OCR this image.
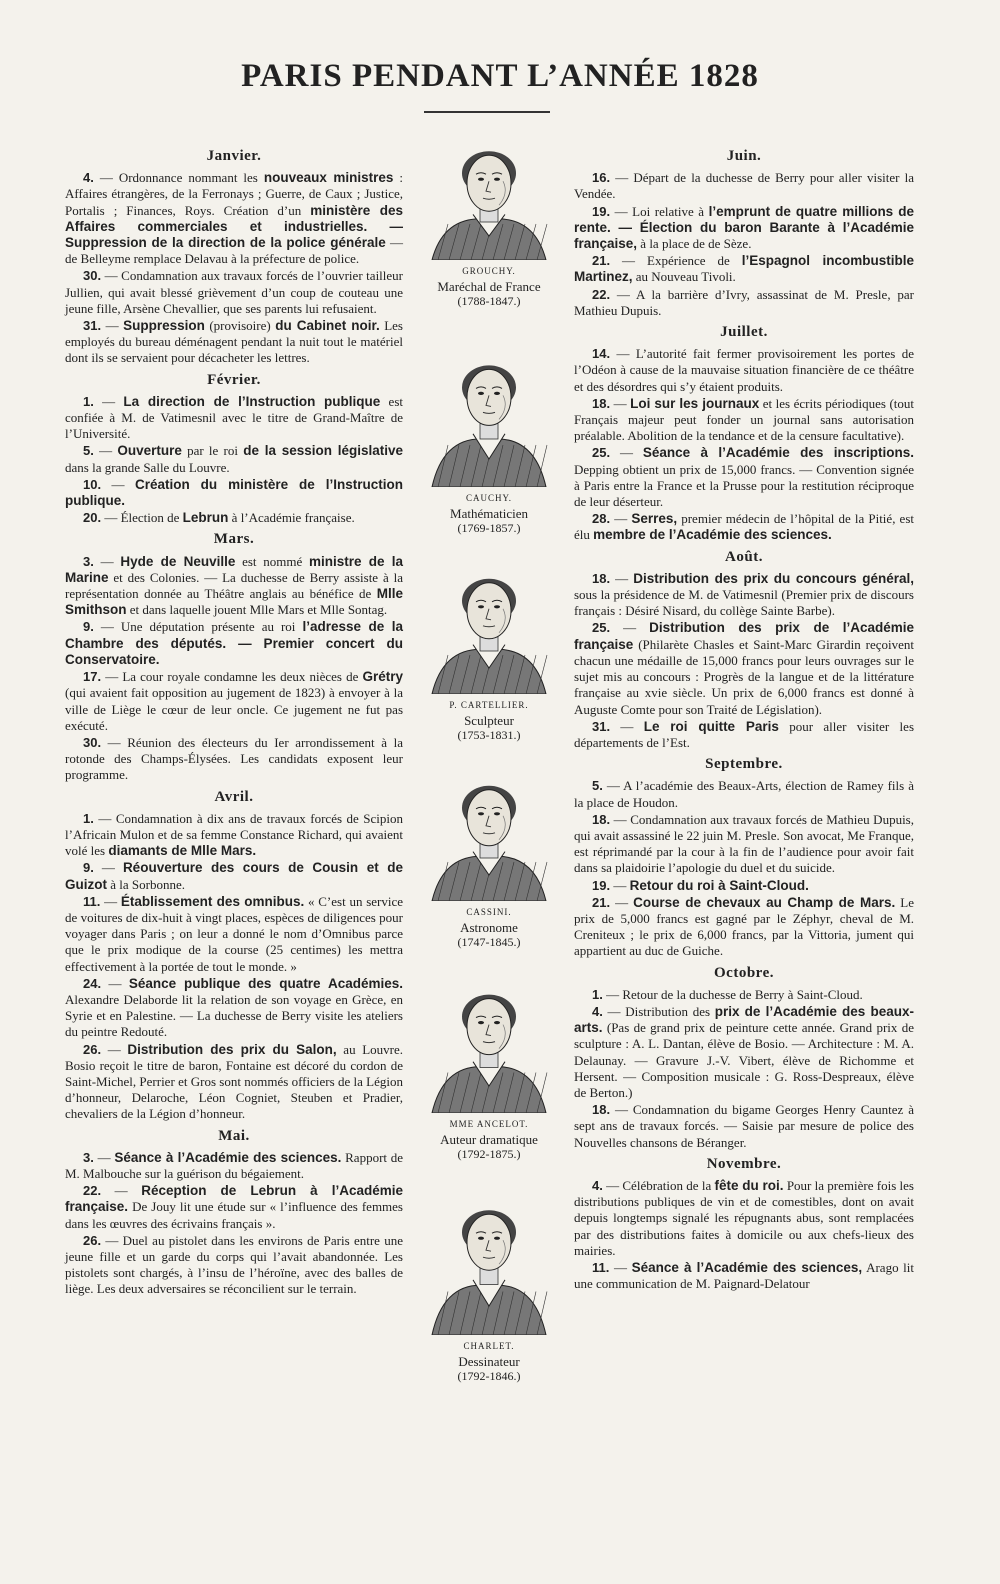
PARIS PENDANT L’ANNÉE 1828
Janvier.

4. — Ordonnance nommant les nouveaux ministres : Affaires étrangères, de la Ferronays ; Guerre, de Caux ; Justice, Portalis ; Finances, Roys. Création d’un ministère des Affaires commerciales et industrielles. — Suppression de la direction de la police générale — de Belleyme remplace Delavau à la préfecture de police.

30. — Condamnation aux travaux forcés de l’ouvrier tailleur Jullien, qui avait blessé grièvement d’un coup de couteau une jeune fille, Arsène Chevallier, que ses parents lui refusaient.

31. — Suppression (provisoire) du Cabinet noir. Les employés du bureau déménagent pendant la nuit tout le matériel dont ils se servaient pour décacheter les lettres.

Février.

1. — La direction de l’Instruction publique est confiée à M. de Vatimesnil avec le titre de Grand-Maître de l’Université.

5. — Ouverture par le roi de la session législative dans la grande Salle du Louvre.

10. — Création du ministère de l’Instruction publique.

20. — Élection de Lebrun à l’Académie française.

Mars.

3. — Hyde de Neuville est nommé ministre de la Marine et des Colonies. — La duchesse de Berry assiste à la représentation donnée au Théâtre anglais au bénéfice de Mlle Smithson et dans laquelle jouent Mlle Mars et Mlle Sontag.

9. — Une députation présente au roi l’adresse de la Chambre des députés. — Premier concert du Conservatoire.

17. — La cour royale condamne les deux nièces de Grétry (qui avaient fait opposition au jugement de 1823) à envoyer à la ville de Liège le cœur de leur oncle. Ce jugement ne fut pas exécuté.

30. — Réunion des électeurs du Ier arrondissement à la rotonde des Champs-Élysées. Les candidats exposent leur programme.

Avril.

1. — Condamnation à dix ans de travaux forcés de Scipion l’Africain Mulon et de sa femme Constance Richard, qui avaient volé les diamants de Mlle Mars.

9. — Réouverture des cours de Cousin et de Guizot à la Sorbonne.

11. — Établissement des omnibus. « C’est un service de voitures de dix-huit à vingt places, espèces de diligences pour voyager dans Paris ; on leur a donné le nom d’Omnibus parce que le prix modique de la course (25 centimes) les mettra effectivement à la portée de tout le monde. »

24. — Séance publique des quatre Académies. Alexandre Delaborde lit la relation de son voyage en Grèce, en Syrie et en Palestine. — La duchesse de Berry visite les ateliers du peintre Redouté.

26. — Distribution des prix du Salon, au Louvre. Bosio reçoit le titre de baron, Fontaine est décoré du cordon de Saint-Michel, Perrier et Gros sont nommés officiers de la Légion d’honneur, Delaroche, Léon Cogniet, Steuben et Pradier, chevaliers de la Légion d’honneur.

Mai.

3. — Séance à l’Académie des sciences. Rapport de M. Malbouche sur la guérison du bégaiement.

22. — Réception de Lebrun à l’Académie française. De Jouy lit une étude sur « l’influence des femmes dans les œuvres des écrivains français ».

26. — Duel au pistolet dans les environs de Paris entre une jeune fille et un garde du corps qui l’avait abandonnée. Les pistolets sont chargés, à l’insu de l’héroïne, avec des balles de liège. Les deux adversaires se réconcilient sur le terrain.

GROUCHY.
Maréchal de France
(1788-1847.)
CAUCHY.
Mathématicien
(1769-1857.)
P. CARTELLIER.
Sculpteur
(1753-1831.)
CASSINI.
Astronome
(1747-1845.)
MME ANCELOT.
Auteur dramatique
(1792-1875.)
CHARLET.
Dessinateur
(1792-1846.)
Juin.

16. — Départ de la duchesse de Berry pour aller visiter la Vendée.

19. — Loi relative à l’emprunt de quatre millions de rente. — Élection du baron Barante à l’Académie française, à la place de de Sèze.

21. — Expérience de l’Espagnol incombustible Martinez, au Nouveau Tivoli.

22. — A la barrière d’Ivry, assassinat de M. Presle, par Mathieu Dupuis.

Juillet.

14. — L’autorité fait fermer provisoirement les portes de l’Odéon à cause de la mauvaise situation financière de ce théâtre et des désordres qui s’y étaient produits.

18. — Loi sur les journaux et les écrits périodiques (tout Français majeur peut fonder un journal sans autorisation préalable. Abolition de la tendance et de la censure facultative).

25. — Séance à l’Académie des inscriptions. Depping obtient un prix de 15,000 francs. — Convention signée à Paris entre la France et la Prusse pour la restitution réciproque de leur déserteur.

28. — Serres, premier médecin de l’hôpital de la Pitié, est élu membre de l’Académie des sciences.

Août.

18. — Distribution des prix du concours général, sous la présidence de M. de Vatimesnil (Premier prix de discours français : Désiré Nisard, du collège Sainte Barbe).

25. — Distribution des prix de l’Académie française (Philarète Chasles et Saint-Marc Girardin reçoivent chacun une médaille de 15,000 francs pour leurs ouvrages sur le sujet mis au concours : Progrès de la langue et de la littérature française au xvie siècle. Un prix de 6,000 francs est donné à Auguste Comte pour son Traité de Législation).

31. — Le roi quitte Paris pour aller visiter les départements de l’Est.

Septembre.

5. — A l’académie des Beaux-Arts, élection de Ramey fils à la place de Houdon.

18. — Condamnation aux travaux forcés de Mathieu Dupuis, qui avait assassiné le 22 juin M. Presle. Son avocat, Me Franque, est réprimandé par la cour à la fin de l’audience pour avoir fait dans sa plaidoirie l’apologie du duel et du suicide.

19. — Retour du roi à Saint-Cloud.

21. — Course de chevaux au Champ de Mars. Le prix de 5,000 francs est gagné par le Zéphyr, cheval de M. Creniteux ; le prix de 6,000 francs, par la Vittoria, jument qui appartient au duc de Guiche.

Octobre.

1. — Retour de la duchesse de Berry à Saint-Cloud.

4. — Distribution des prix de l’Académie des beaux-arts. (Pas de grand prix de peinture cette année. Grand prix de sculpture : A. L. Dantan, élève de Bosio. — Architecture : M. A. Delaunay. — Gravure J.-V. Vibert, élève de Richomme et Hersent. — Composition musicale : G. Ross-Despreaux, élève de Berton.)

18. — Condamnation du bigame Georges Henry Cauntez à sept ans de travaux forcés. — Saisie par mesure de police des Nouvelles chansons de Béranger.

Novembre.

4. — Célébration de la fête du roi. Pour la première fois les distributions publiques de vin et de comestibles, dont on avait depuis longtemps signalé les répugnants abus, sont remplacées par des distributions faites à domicile ou aux chefs-lieux des mairies.

11. — Séance à l’Académie des sciences, Arago lit une communication de M. Paignard-Delatour
